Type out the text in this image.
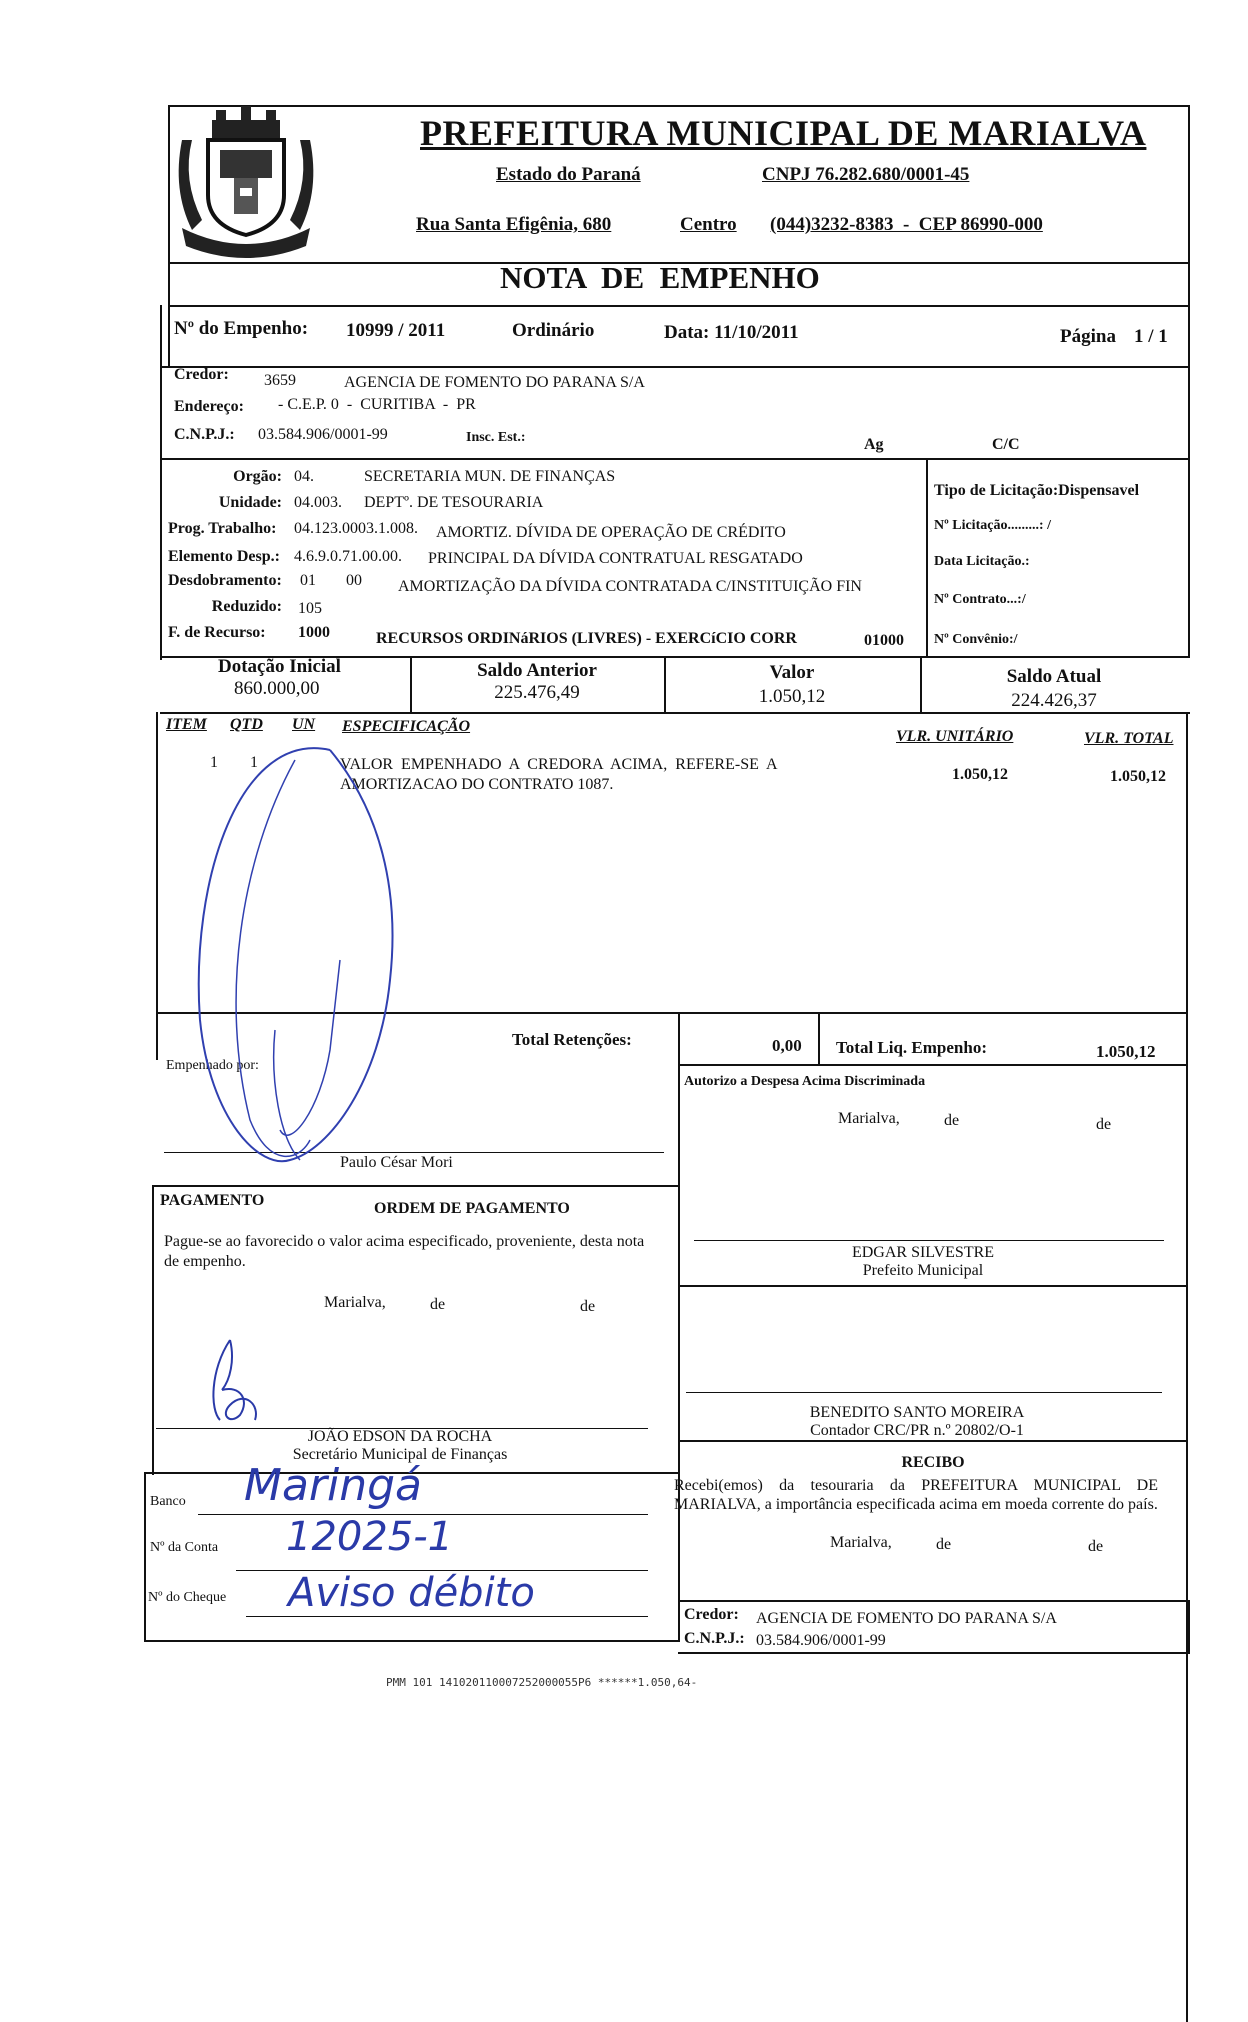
PREFEITURA MUNICIPAL DE MARIALVA
Estado do Paraná	CNPJ 76.282.680/0001-45
Rua Santa Efigênia, 680	Centro (044)3232-8383  -  CEP 86990-000
NOTA  DE  EMPENHO
Nº do Empenho: 10999 / 2011	Ordinário	Data: 11/10/2011	Página 1 / 1
Credor: 3659	AGENCIA DE FOMENTO DO PARANA S/A
Endereço: - C.E.P. 0  -  CURITIBA  -  PR
C.N.P.J.: 03.584.906/0001-99	Insc. Est.:	Ag	C/C
Orgão: 04.	SECRETARIA MUN. DE FINANÇAS
Unidade: 04.003. DEPTº. DE TESOURARIA
Prog. Trabalho: 04.123.0003.1.008. AMORTIZ. DÍVIDA DE OPERAÇÃO DE CRÉDITO
Elemento Desp.: 4.6.9.0.71.00.00. PRINCIPAL DA DÍVIDA CONTRATUAL RESGATADO
Desdobramento: 01 00 AMORTIZAÇÃO DA DÍVIDA CONTRATADA C/INSTITUIÇÃO FIN
Reduzido: 105
F. de Recurso: 1000	RECURSOS ORDINáRIOS (LIVRES) - EXERCíCIO CORR	01000
Tipo de Licitação:Dispensavel
Nº Licitação.........: /
Data Licitação.:
Nº Contrato...:/
Nº Convênio:/
Dotação Inicial
860.000,00
Saldo Anterior
225.476,49
Valor
1.050,12
Saldo Atual
224.426,37
ITEM QTD UN ESPECIFICAÇÃO
VLR. UNITÁRIO	VLR. TOTAL
1 1	VALOR  EMPENHADO  A  CREDORA  ACIMA,  REFERE-SE  A
AMORTIZACAO DO CONTRATO 1087.
1.050,12	1.050,12
Total Retenções:	0,00 Total Liq. Empenho:	1.050,12
Empenhado por:
Paulo César Mori
Autorizo a Despesa Acima Discriminada
Marialva,	de	de
EDGAR SILVESTRE
Prefeito Municipal
PAGAMENTO	ORDEM DE PAGAMENTO
Pague-se ao favorecido o valor acima especificado, proveniente, desta nota de empenho.
Marialva,	de	de
JOÃO EDSON DA ROCHA
Secretário Municipal de Finanças
BENEDITO SANTO MOREIRA
Contador CRC/PR n.º 20802/O-1
Banco Maringá
Nº da Conta 12025-1
Nº do Cheque Aviso débito
RECIBO
Recebi(emos) da tesouraria da PREFEITURA MUNICIPAL DE MARIALVA, a importância especificada acima em moeda corrente do país.
Marialva,	de	de
Credor: AGENCIA DE FOMENTO DO PARANA S/A
C.N.P.J.: 03.584.906/0001-99
PMM 101 141020110007252000055P6 ******1.050,64-
